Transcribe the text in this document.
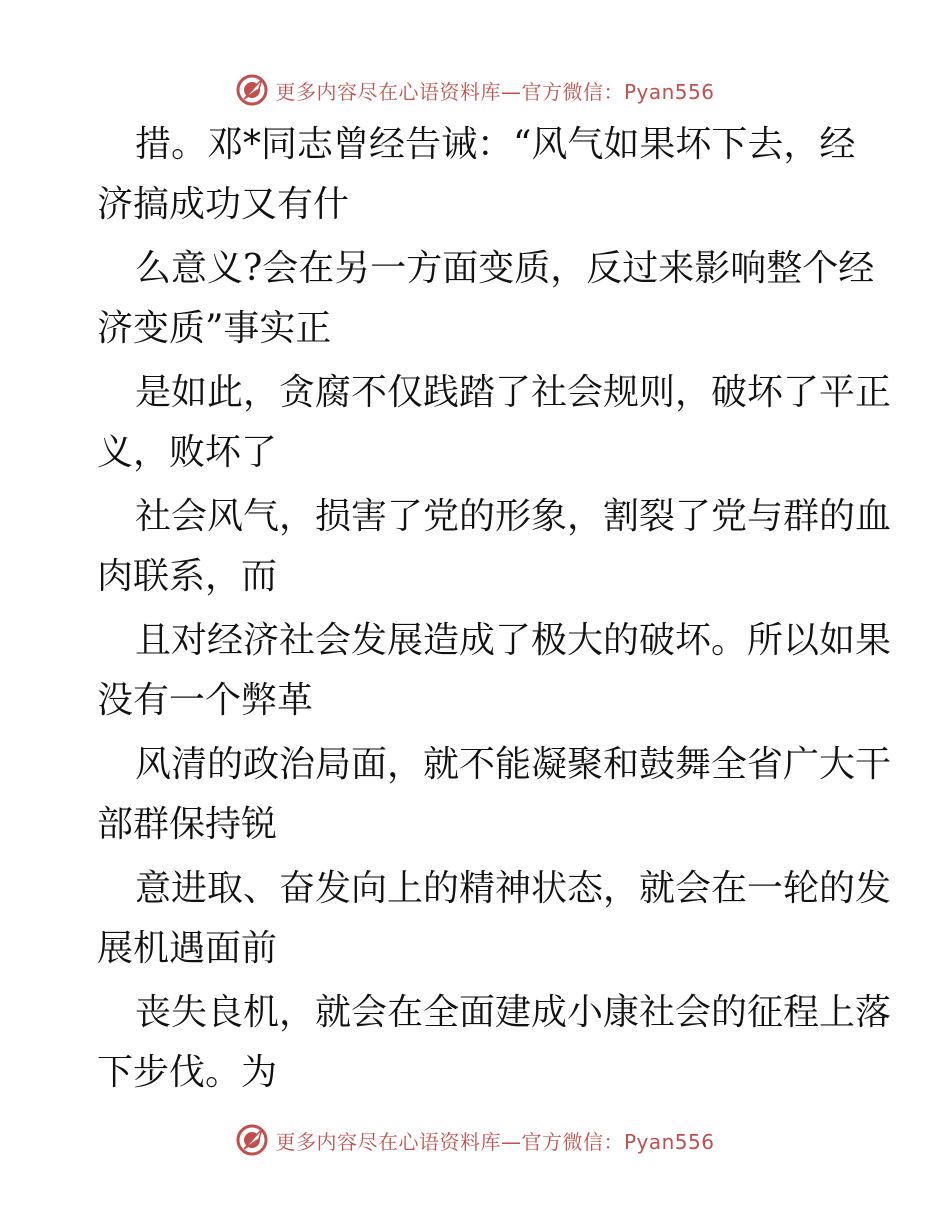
更多内容尽在心语资料库—官方微信：Pyan556

措。邓*同志曾经告诫：“风气如果坏下去，经
济搞成功又有什

么意义?会在另一方面变质，反过来影响整个经
济变质”事实正

是如此，贪腐不仅践踏了社会规则，破坏了平正
义，败坏了

社会风气，损害了党的形象，割裂了党与群的血
肉联系，而

且对经济社会发展造成了极大的破坏。所以如果
没有一个弊革

风清的政治局面，就不能凝聚和鼓舞全省广大干
部群保持锐

意进取、奋发向上的精神状态，就会在一轮的发
展机遇面前

丧失良机，就会在全面建成小康社会的征程上落
下步伐。为

更多内容尽在心语资料库—官方微信：Pyan556
